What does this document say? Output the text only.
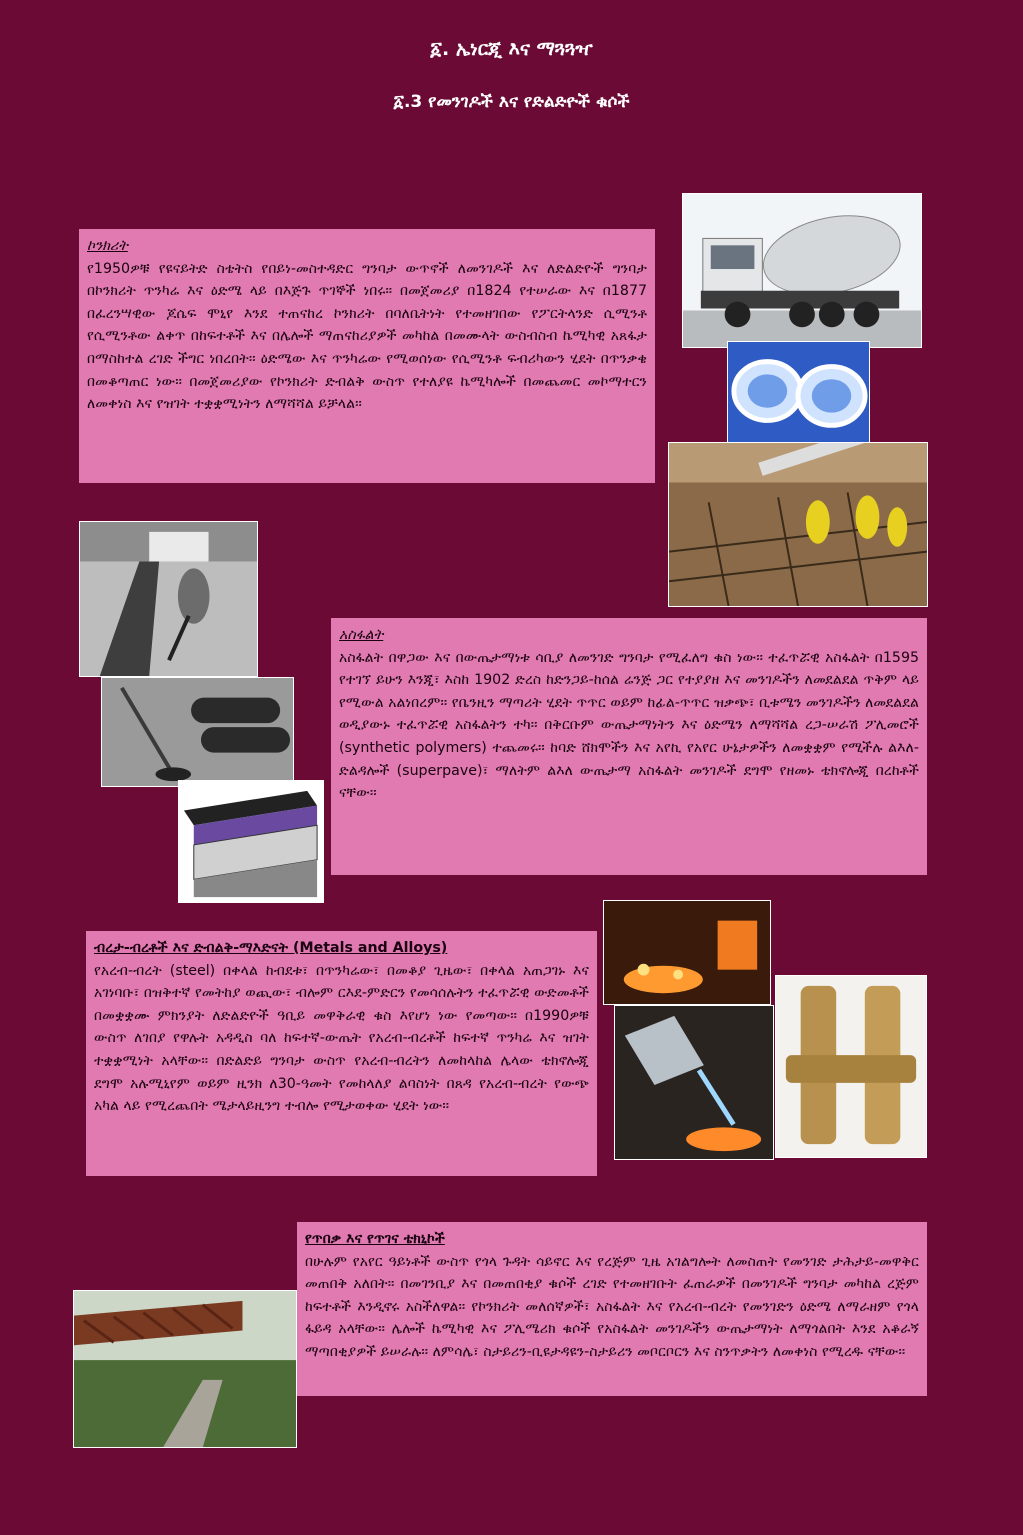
፩. ኤነርጂ እና ማጓጓዣ
፩.3 የመንገዶች እና የድልድዮች ቁሶች
ኮንክሪት
የ1950ዎቹ የዩናይትድ ስቴትስ የበይነ-መስተዳድር ግንባታ ውጥኖች ለመንገዶች እና ለድልድዮች ግንባታ በኮንክሪት ጥንካሬ እና ዕድሜ ላይ በእጅጉ ጥገኞች ነበሩ፡፡ በመጀመሪያ በ1824 የተሠራው እና በ1877 በፈረንሣዊው ጆሴፍ ሞኒየ እንደ ተጠናከረ ኮንክሪት በባለቤትነት የተመዘገበው የፖርትላንድ ሲሚንቶ የሲሚንቶው ልቀጥ በከፍተቶች እና በሌሎች ማጠናከሪያዎች መካከል በመሙላት ውስብስብ ኬሚካዊ አጸፋታ በማስከተል ረገድ ችግር ነበረበት፡፡ ዕድሜው እና ጥንካሬው የሚወሰነው የሲሚንቶ ፍብሪካውን ሂደት በጥንቃቄ በመቆጣጠር ነው፡፡ በመጀመሪያው የኮንክሪት ድብልቅ ውስጥ የተለያዩ ኬሚካሎች በመጨመር መኮማተርን ለመቀነስ እና የዝገት ተቋቋሚነትን ለማሻሻል ይቻላል፡፡
አስፋልት
አስፋልት በዋጋው እና በውጤታማነቱ ሳቢያ ለመንገድ ግንባታ የሚፈለግ ቁስ ነው፡፡ ተፈጥሯዊ አስፋልት በ1595 የተገኘ ይሁን እንጂ፣ እስከ 1902 ድረስ ከድንጋይ-ከሰል ሬንጅ ጋር የተያያዘ እና መንገዶችን ለመደልደል ጥቅም ላይ የሚውል አልነበረም፡፡ የቤንዚን ማጣሪት ሂደት ጥጥር ወይም ከፊል-ጥጥር ዝቃጭ፣ ቢቱሜን መንገዶችን ለመደልደል ወዲያውኑ ተፈጥሯዊ አስፋልትን ተካ፡፡ በቅርቡም ውጤታማነትን እና ዕድሜን ለማሻሻል ረጋ-ሠራሽ ፖሊመሮች (synthetic polymers) ተጨመሩ፡፡ ከባድ ሸክሞችን እና አየኪ የአየር ሁኔታዎችን ለመቋቋም የሚችሉ ልእለ-ድልዳሎች (superpave)፣ ማለትም ልእለ ውጤታማ አስፋልት መንገዶች ደግሞ የዘመኑ ቴክኖሎጂ በረከቶች ናቸው፡፡
ብረታ-ብረቶች እና ድብልቅ-ማእድናት (Metals and Alloys)
የአረብ-ብረት (steel) በቀላል ከብደቱ፣ በጥንካሬው፣ በመቆያ ጊዜው፣ በቀላል አጠጋገኑ እና አገነባቡ፣ በዝቅተኛ የመትከያ ወጪው፣ ብሎም ርእደ-ምድርን የመሳሰሉትን ተፈጥሯዊ ውድመቶች በመቋቋሙ ምክንያት ለድልድዮች ዓቢይ መዋቅራዊ ቁስ እየሆነ ነው የመጣው፡፡ በ1990ዎቹ ውስጥ ለገበያ የዋሉት አዳዲስ ባለ ከፍተኛ-ውጤት የአረብ-ብረቶች ከፍተኛ ጥንካሬ እና ዝገት ተቋቋሚነት አላቸው፡፡ በድልድይ ግንባታ ውስጥ የአረብ-ብረትን ለመከላከል ሌላው ቴክኖሎጂ ደግሞ አሉሚኒየም ወይም ዚንክ ለ30-ዓመት የመከላለያ ልባስነት በጸዳ የአረብ-ብረት የውጭ አካል ላይ የሚረጨበት ሜታላይዚንግ ተብሎ የሚታወቀው ሂደት ነው፡፡
የጥበቃ እና የጥገና ቴክኒኮች
በሁሉም የአየር ዓይነቶች ውስጥ የጎላ ጉዳት ሳይኖር እና የረጅም ጊዜ አገልግሎት ለመስጠት የመንገድ ታሕታይ-መዋቅር መጠበቅ አለበት፡፡ በመገንቢያ እና በመጠበቂያ ቁሶች ረገድ የተመዘገቡት ፈጠራዎች በመንገዶች ግንባታ መካከል ረጅም ከፍተቶች እንዲኖሩ አስችለዋል፡፡ የኮንክሪት መለሰኛዎች፣ አስፋልት እና የአረብ-ብረት የመንገድን ዕድሜ ለማራዘም የጎላ ፋይዳ አላቸው፡፡ ሌሎች ኬሚካዊ እና ፖሊሜሪክ ቁሶች የአስፋልት መንገዶችን ውጤታማነት ለማጎልበት እንደ አቆራኝ ማጣበቂያዎች ይሠራሉ፡፡ ለምሳሌ፣ ስታይሪን-ቢዩታዳዩን-ስታይሪን መቦርቦርን እና ስንጥቃትን ለመቀነስ የሚረዱ ናቸው፡፡
